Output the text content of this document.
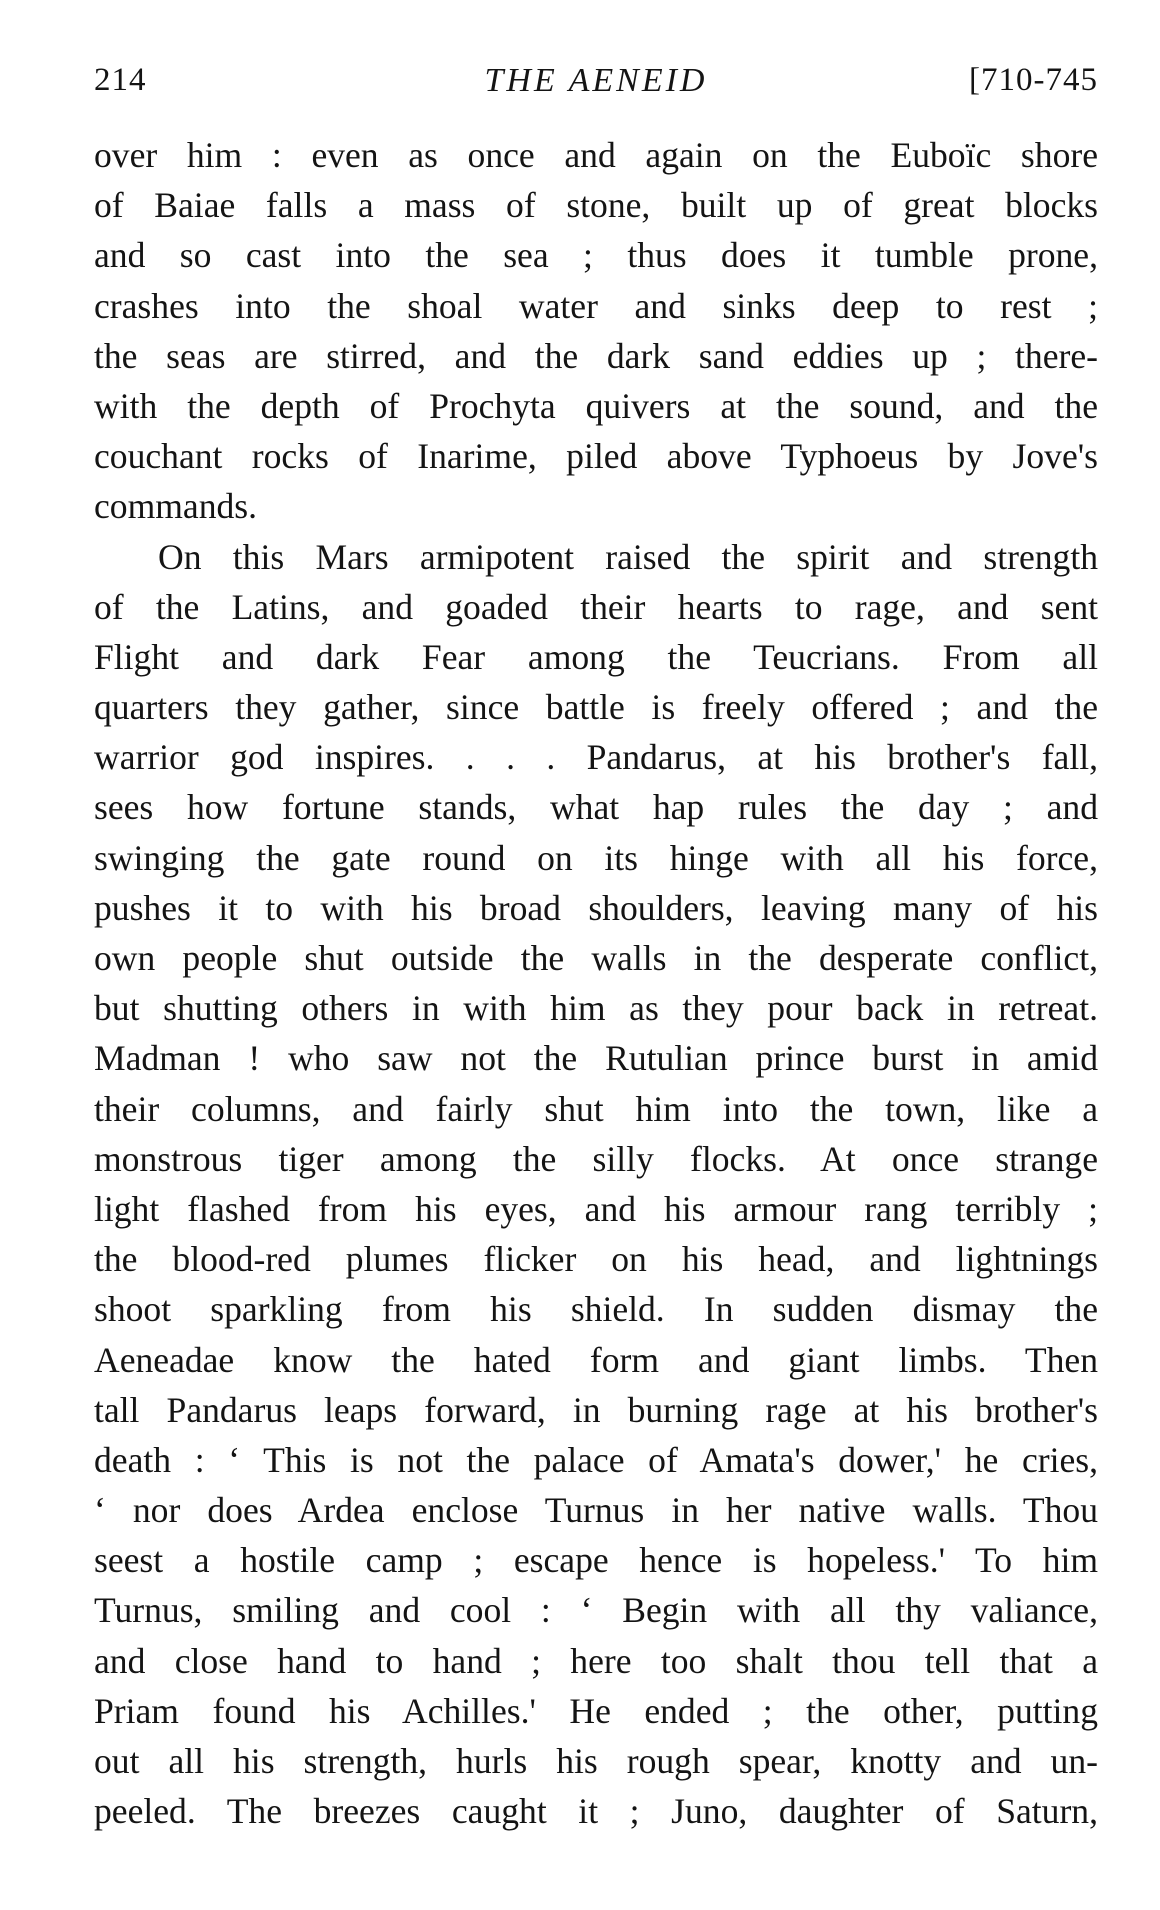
214	THE AENEID	[710-745
over him : even as once and again on the Euboïc shore
of Baiae falls a mass of stone, built up of great blocks
and so cast into the sea ; thus does it tumble prone,
crashes into the shoal water and sinks deep to rest ;
the seas are stirred, and the dark sand eddies up ; there-
with the depth of Prochyta quivers at the sound, and the
couchant rocks of Inarime, piled above Typhoeus by Jove's
commands.
On this Mars armipotent raised the spirit and strength
of the Latins, and goaded their hearts to rage, and sent
Flight and dark Fear among the Teucrians. From all
quarters they gather, since battle is freely offered ; and the
warrior god inspires. . . . Pandarus, at his brother's fall,
sees how fortune stands, what hap rules the day ; and
swinging the gate round on its hinge with all his force,
pushes it to with his broad shoulders, leaving many of his
own people shut outside the walls in the desperate conflict,
but shutting others in with him as they pour back in retreat.
Madman ! who saw not the Rutulian prince burst in amid
their columns, and fairly shut him into the town, like a
monstrous tiger among the silly flocks. At once strange
light flashed from his eyes, and his armour rang terribly ;
the blood-red plumes flicker on his head, and lightnings
shoot sparkling from his shield. In sudden dismay the
Aeneadae know the hated form and giant limbs. Then
tall Pandarus leaps forward, in burning rage at his brother's
death : ‘ This is not the palace of Amata's dower,' he cries,
‘ nor does Ardea enclose Turnus in her native walls. Thou
seest a hostile camp ; escape hence is hopeless.' To him
Turnus, smiling and cool : ‘ Begin with all thy valiance,
and close hand to hand ; here too shalt thou tell that a
Priam found his Achilles.' He ended ; the other, putting
out all his strength, hurls his rough spear, knotty and un-
peeled. The breezes caught it ; Juno, daughter of Saturn,
